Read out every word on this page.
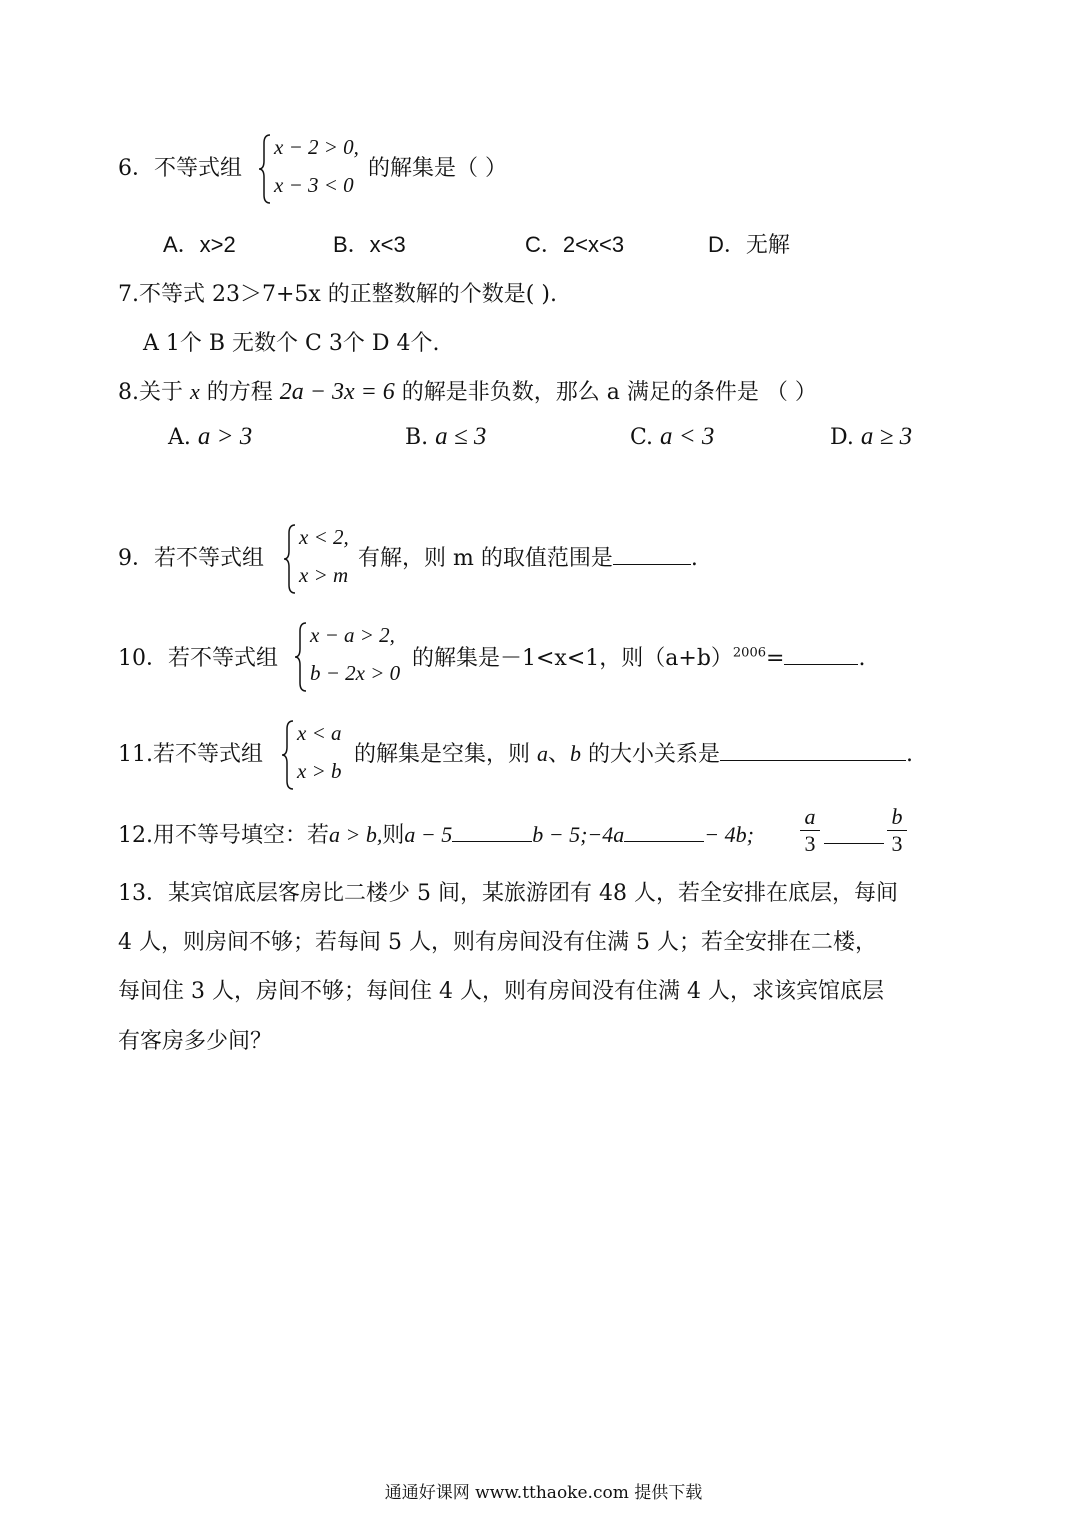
6．不等式组
x − 2 > 0,
x − 3 < 0
的解集是（ ）
A．x>2	B．x<3	C．2<x<3	D．无解
7.不等式 23＞7+5x 的正整数解的个数是( ).
A 1个 B 无数个 C 3个 D 4个.
8.关于 x 的方程 2a − 3x = 6 的解是非负数，那么 a 满足的条件是 （ ）
A. a > 3	B. a ≤ 3	C. a < 3	D. a ≥ 3
9．若不等式组
x < 2,
x > m
有解，则 m 的取值范围是	.
10．若不等式组
x − a > 2,
b − 2x > 0
的解集是－1<x<1，则$(a+b)^{2006}=$	.
11.若不等式组
x < a
x > b
的解集是空集，则 a、b 的大小关系是	.
12.用不等号填空：若a > b,则a − 5	b − 5;−4a	− 4b; $\frac{a}{3}$	$\frac{b}{3}$
13．某宾馆底层客房比二楼少 5 间，某旅游团有 48 人，若全安排在底层，每间
4 人，则房间不够；若每间 5 人，则有房间没有住满 5 人；若全安排在二楼，
每间住 3 人，房间不够；每间住 4 人，则有房间没有住满 4 人，求该宾馆底层
有客房多少间？
通通好课网 www.tthaoke.com 提供下载
